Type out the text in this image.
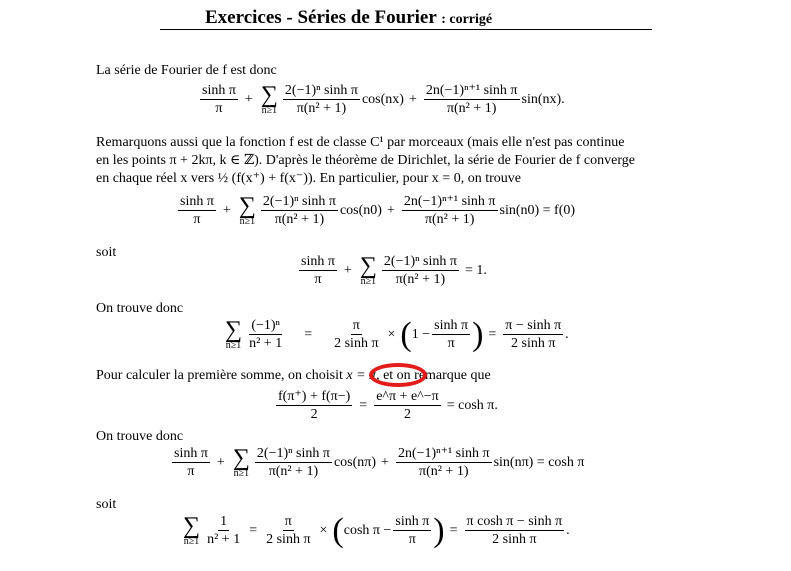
Exercices - Séries de Fourier : corrigé
La série de Fourier de f est donc
sinh π
π
+ ∑
n≥1
2(−1)ⁿ sinh π
π(n² + 1)
$\cos(nx) + \frac{\text{2n(−1)ⁿ⁺¹ sinh π}}{\text{π(n² + 1)}} \sin(nx)$.
Remarquons aussi que la fonction f est de classe C¹ par morceaux (mais elle n'est pas continue
en les points π + 2kπ, k ∈ ℤ). D'après le théorème de Dirichlet, la série de Fourier de f converge
en chaque réel x vers ½ (f(x⁺) + f(x⁻)). En particulier, pour x = 0, on trouve
sinh π
π
+ ∑
n≥1
2(−1)ⁿ sinh π
π(n² + 1)
$\cos(n0) + \frac{\text{2n(−1)ⁿ⁺¹ sinh π}}{\text{π(n² + 1)}} \sin(n0) = f(0)$
soit
sinh π
π
+ ∑
$n\ge 1 \frac{\text{2(−1)ⁿ sinh π}}{\text{π(n² + 1)}} = 1$.
On trouve donc
∑
$n\ge 1 \frac{\text{(−1)ⁿ}}{\text{n² + 1}} = \frac{\pi}{\text{2 sinh π}}$ × ( $1 - \frac{\text{sinh π}}{\pi}$ ) = $\frac{\text{π − sinh π}}{\text{2 sinh π}}$ .
Pour calculer la première somme, on choisit x = π, et on remarque que
$\frac{f(\pi^+) + f(\pi-)}{2} = \frac{e\^{}\pi + e\^{}-\pi}{2} = \cosh \pi$.
On trouve donc
sinh π
π
+ ∑
n≥1
2(−1)ⁿ sinh π
π(n² + 1)
$\cos(n\pi) + \frac{\text{2n(−1)ⁿ⁺¹ sinh π}}{\text{π(n² + 1)}} \sin(n\pi) = \cosh \pi$
soit
∑
$n\ge 1 \frac{1}{\text{n² + 1}} = \frac{\pi}{\text{2 sinh π}}$ × ( $\cosh \pi - \frac{\text{sinh π}}{\pi}$ ) = $\frac{\text{π cosh π − sinh π}}{\text{2 sinh π}}$ .
